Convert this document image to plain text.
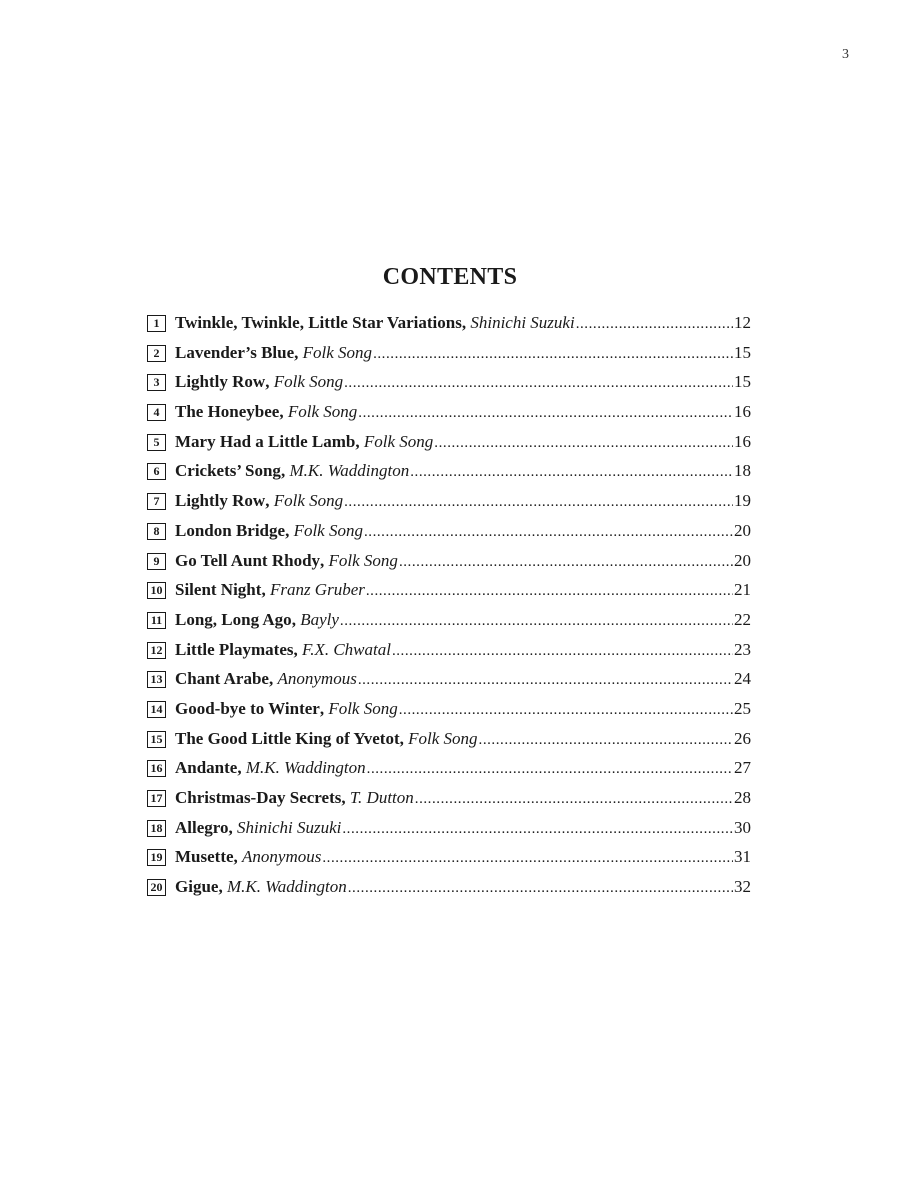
3
CONTENTS
1 Twinkle, Twinkle, Little Star Variations , Shinichi Suzuki . . .	12
2 Lavender’s Blue , Folk Song . . .	15
3 Lightly Row , Folk Song . . .	15
4 The Honeybee , Folk Song . . .	16
5 Mary Had a Little Lamb , Folk Song . . .	16
6 Crickets’ Song , M.K. Waddington . . .	18
7 Lightly Row , Folk Song . . .	19
8 London Bridge , Folk Song . . .	20
9 Go Tell Aunt Rhody , Folk Song . . .	20
10 Silent Night , Franz Gruber . . .	21
11 Long, Long Ago , Bayly . . .	22
12 Little Playmates , F.X. Chwatal . . .	23
13 Chant Arabe , Anonymous . . .	24
14 Good-bye to Winter , Folk Song . . .	25
15 The Good Little King of Yvetot , Folk Song . . .	26
16 Andante , M.K. Waddington . . .	27
17 Christmas-Day Secrets , T. Dutton . . .	28
18 Allegro , Shinichi Suzuki . . .	30
19 Musette , Anonymous . . .	31
20 Gigue , M.K. Waddington . . .	32
